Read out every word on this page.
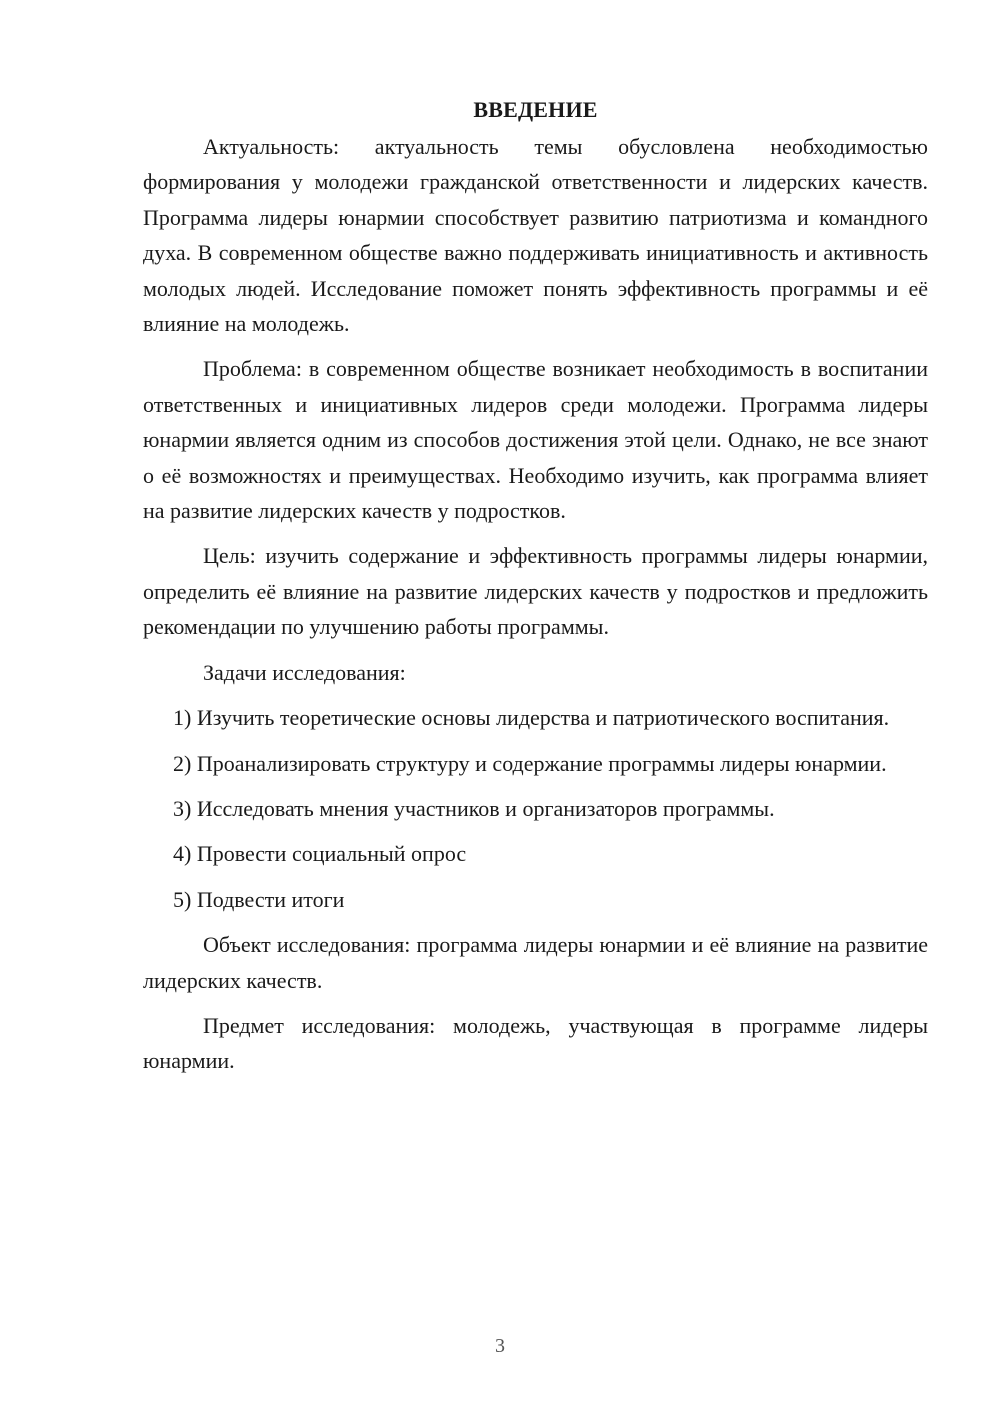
ВВЕДЕНИЕ

Актуальность: актуальность темы обусловлена необходимостью формирования у молодежи гражданской ответственности и лидерских качеств. Программа лидеры юнармии способствует развитию патриотизма и командного духа. В современном обществе важно поддерживать инициативность и активность молодых людей. Исследование поможет понять эффективность программы и её влияние на молодежь.

Проблема: в современном обществе возникает необходимость в воспитании ответственных и инициативных лидеров среди молодежи. Программа лидеры юнармии является одним из способов достижения этой цели. Однако, не все знают о её возможностях и преимуществах. Необходимо изучить, как программа влияет на развитие лидерских качеств у подростков.

Цель: изучить содержание и эффективность программы лидеры юнармии, определить её влияние на развитие лидерских качеств у подростков и предложить рекомендации по улучшению работы программы.

Задачи исследования:

1) Изучить теоретические основы лидерства и патриотического воспитания.

2) Проанализировать структуру и содержание программы лидеры юнармии.

3) Исследовать мнения участников и организаторов программы.

4) Провести социальный опрос

5) Подвести итоги

Объект исследования: программа лидеры юнармии и её влияние на развитие лидерских качеств.

Предмет исследования: молодежь, участвующая в программе лидеры юнармии.

3
